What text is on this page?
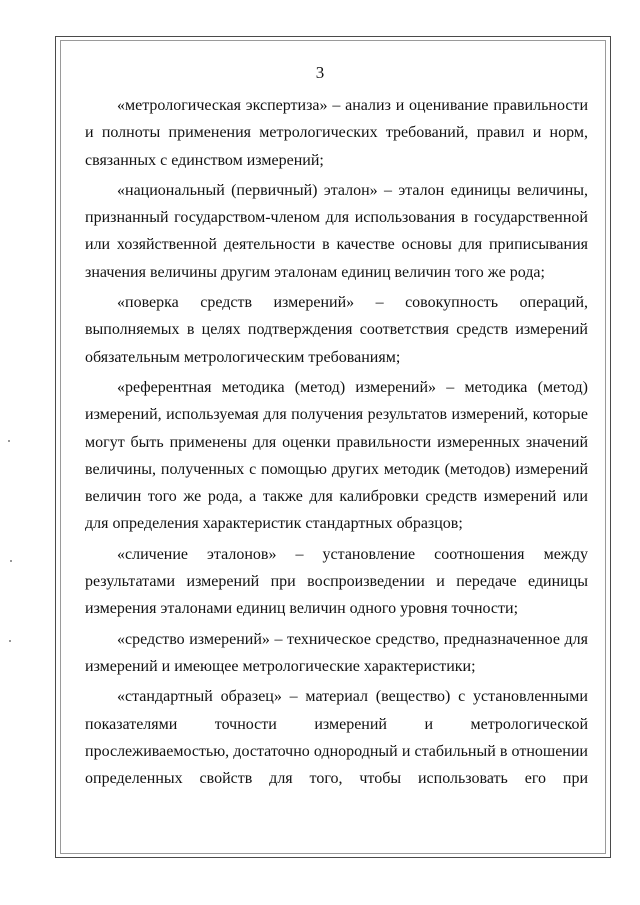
3

«метрологическая экспертиза» – анализ и оценивание правильности и полноты применения метрологических требований, правил и норм, связанных с единством измерений;

«национальный (первичный) эталон» – эталон единицы величины, признанный государством-членом для использования в государственной или хозяйственной деятельности в качестве основы для приписывания значения величины другим эталонам единиц величин того же рода;

«поверка средств измерений» – совокупность операций, выполняемых в целях подтверждения соответствия средств измерений обязательным метрологическим требованиям;

«референтная методика (метод) измерений» – методика (метод) измерений, используемая для получения результатов измерений, которые могут быть применены для оценки правильности измеренных значений величины, полученных с помощью других методик (методов) измерений величин того же рода, а также для калибровки средств измерений или для определения характеристик стандартных образцов;

«сличение эталонов» – установление соотношения между результатами измерений при воспроизведении и передаче единицы измерения эталонами единиц величин одного уровня точности;

«средство измерений» – техническое средство, предназначенное для измерений и имеющее метрологические характеристики;

«стандартный образец» – материал (вещество) с установленными показателями точности измерений и метрологической прослеживаемостью, достаточно однородный и стабильный в отношении определенных свойств для того, чтобы использовать его при
